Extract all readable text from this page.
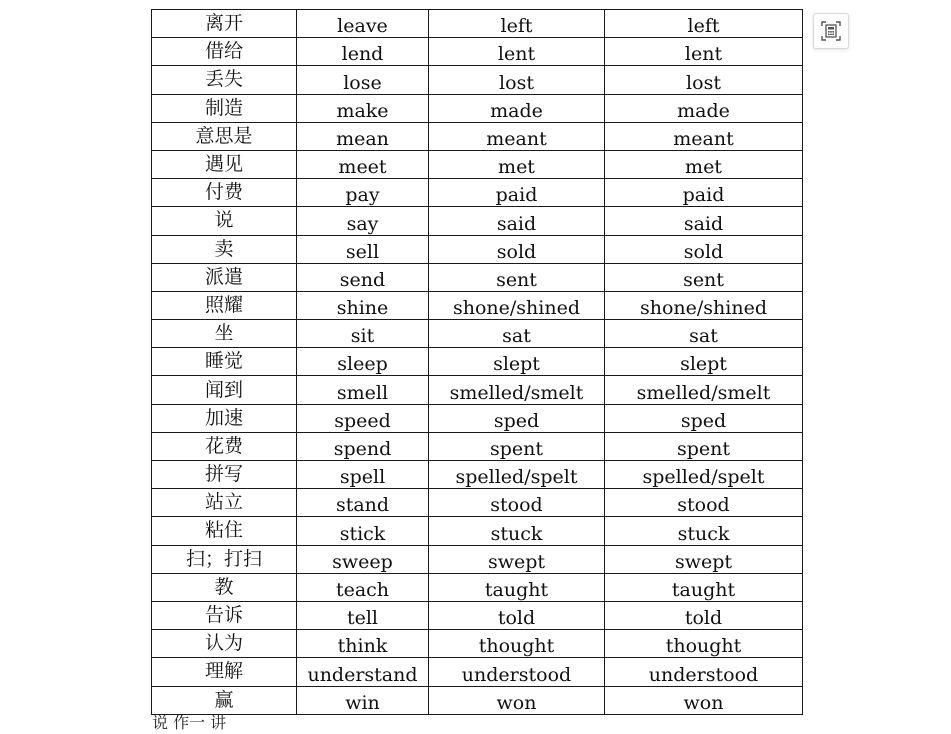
离开	leave	left	left
借给	lend	lent	lent
丢失	lose	lost	lost
制造	make	made	made
意思是	mean	meant	meant
遇见	meet	met	met
付费	pay	paid	paid
说	say	said	said
卖	sell	sold	sold
派遣	send	sent	sent
照耀	shine	shone/shined	shone/shined
坐	sit	sat	sat
睡觉	sleep	slept	slept
闻到	smell	smelled/smelt	smelled/smelt
加速	speed	sped	sped
花费	spend	spent	spent
拼写	spell	spelled/spelt	spelled/spelt
站立	stand	stood	stood
粘住	stick	stuck	stuck
扫；打扫	sweep	swept	swept
教	teach	taught	taught
告诉	tell	told	told
认为	think	thought	thought
理解	understand	understood	understood
赢	win	won	won
说 作一 讲
